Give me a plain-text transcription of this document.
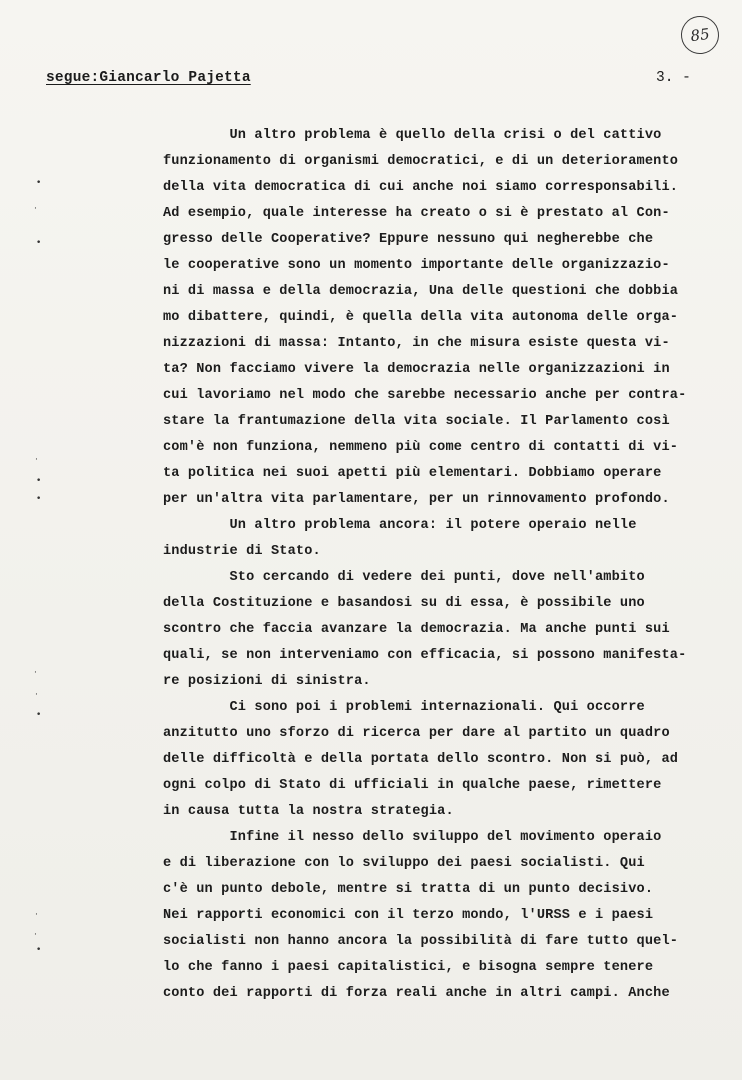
85
segue:Giancarlo Pajetta	3. -
•
·
•
·
•
•
·
·
•
·
·
•
Un altro problema è quello della crisi o del cattivo
funzionamento di organismi democratici, e di un deterioramento
della vita democratica di cui anche noi siamo corresponsabili.
Ad esempio, quale interesse ha creato o si è prestato al Con-
gresso delle Cooperative? Eppure nessuno qui negherebbe che
le cooperative sono un momento importante delle organizzazio-
ni di massa e della democrazia, Una delle questioni che dobbia
mo dibattere, quindi, è quella della vita autonoma delle orga-
nizzazioni di massa: Intanto, in che misura esiste questa vi-
ta? Non facciamo vivere la democrazia nelle organizzazioni in
cui lavoriamo nel modo che sarebbe necessario anche per contra-
stare la frantumazione della vita sociale. Il Parlamento così
com'è non funziona, nemmeno più come centro di contatti di vi-
ta politica nei suoi apetti più elementari. Dobbiamo operare
per un'altra vita parlamentare, per un rinnovamento profondo.
Un altro problema ancora: il potere operaio nelle
industrie di Stato.
Sto cercando di vedere dei punti, dove nell'ambito
della Costituzione e basandosi su di essa, è possibile uno
scontro che faccia avanzare la democrazia. Ma anche punti sui
quali, se non interveniamo con efficacia, si possono manifesta-
re posizioni di sinistra.
Ci sono poi i problemi internazionali. Qui occorre
anzitutto uno sforzo di ricerca per dare al partito un quadro
delle difficoltà e della portata dello scontro. Non si può, ad
ogni colpo di Stato di ufficiali in qualche paese, rimettere
in causa tutta la nostra strategia.
Infine il nesso dello sviluppo del movimento operaio
e di liberazione con lo sviluppo dei paesi socialisti. Qui
c'è un punto debole, mentre si tratta di un punto decisivo.
Nei rapporti economici con il terzo mondo, l'URSS e i paesi
socialisti non hanno ancora la possibilità di fare tutto quel-
lo che fanno i paesi capitalistici, e bisogna sempre tenere
conto dei rapporti di forza reali anche in altri campi. Anche
